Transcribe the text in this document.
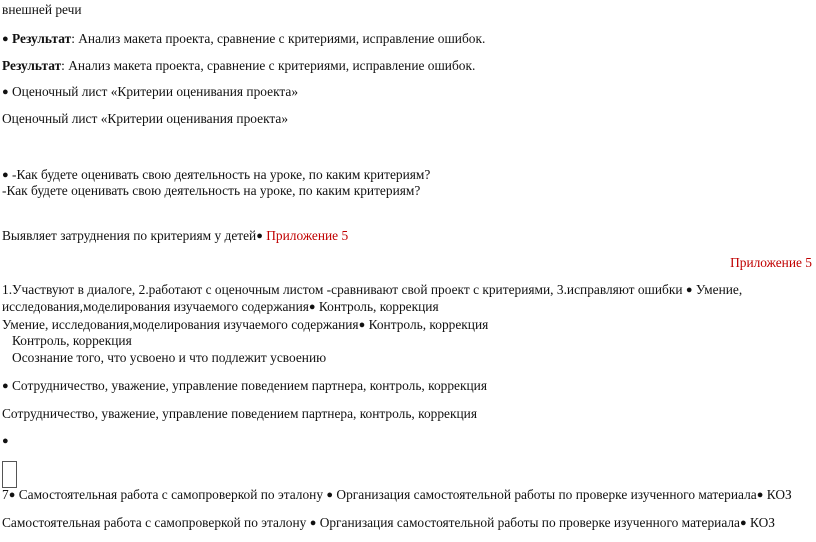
внешней речи
● Результат: Анализ макета проекта, сравнение с критериями, исправление ошибок.
Результат: Анализ макета проекта, сравнение с критериями, исправление ошибок.
● Оценочный лист «Критерии оценивания проекта»
Оценочный лист «Критерии оценивания проекта»
● -Как будете оценивать свою деятельность на уроке, по каким критериям?
-Как будете оценивать свою деятельность на уроке, по каким критериям?
Выявляет затруднения по критериям у детей● Приложение 5
Приложение 5
1.Участвуют в диалоге, 2.работают с оценочным листом -сравнивают свой проект с критериями, 3.исправляют ошибки ● Умение,
исследования,моделирования изучаемого содержания● Контроль, коррекция
Умение, исследования,моделирования изучаемого содержания● Контроль, коррекция
Контроль, коррекция
Осознание того, что усвоено и что подлежит усвоению
● Сотрудничество, уважение, управление поведением партнера, контроль, коррекция
Сотрудничество, уважение, управление поведением партнера, контроль, коррекция
●
7● Самостоятельная работа с самопроверкой по эталону ● Организация самостоятельной работы по проверке изученного материала● КОЗ
Самостоятельная работа с самопроверкой по эталону ● Организация самостоятельной работы по проверке изученного материала● КОЗ
